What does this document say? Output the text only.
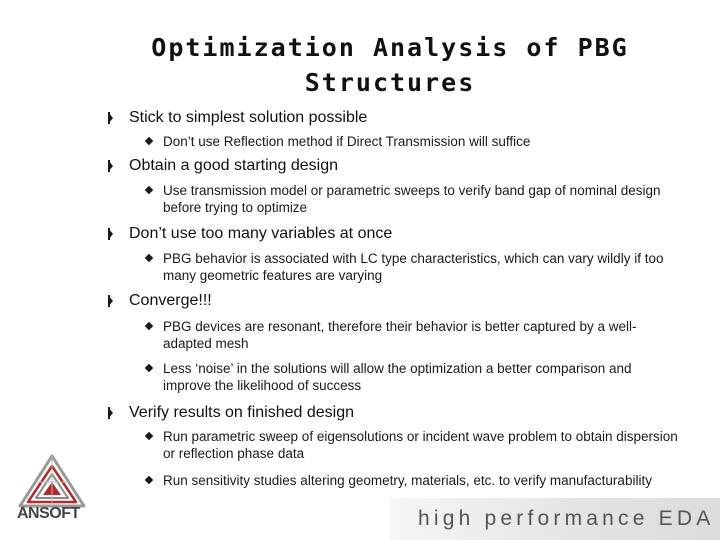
Optimization Analysis of PBG
Structures
Stick to simplest solution possible
Don’t use Reflection method if Direct Transmission will suffice
Obtain a good starting design
Use transmission model or parametric sweeps to verify band gap of nominal design before trying to optimize
Don’t use too many variables at once
PBG behavior is associated with LC type characteristics, which can vary wildly if too many geometric features are varying
Converge!!!
PBG devices are resonant, therefore their behavior is better captured by a well-adapted mesh
Less ‘noise’ in the solutions will allow the optimization a better comparison and improve the likelihood of success
Verify results on finished design
Run parametric sweep of eigensolutions or incident wave problem to obtain dispersion or reflection phase data
Run sensitivity studies altering geometry, materials, etc. to verify manufacturability
ANSOFT	high performance EDA
